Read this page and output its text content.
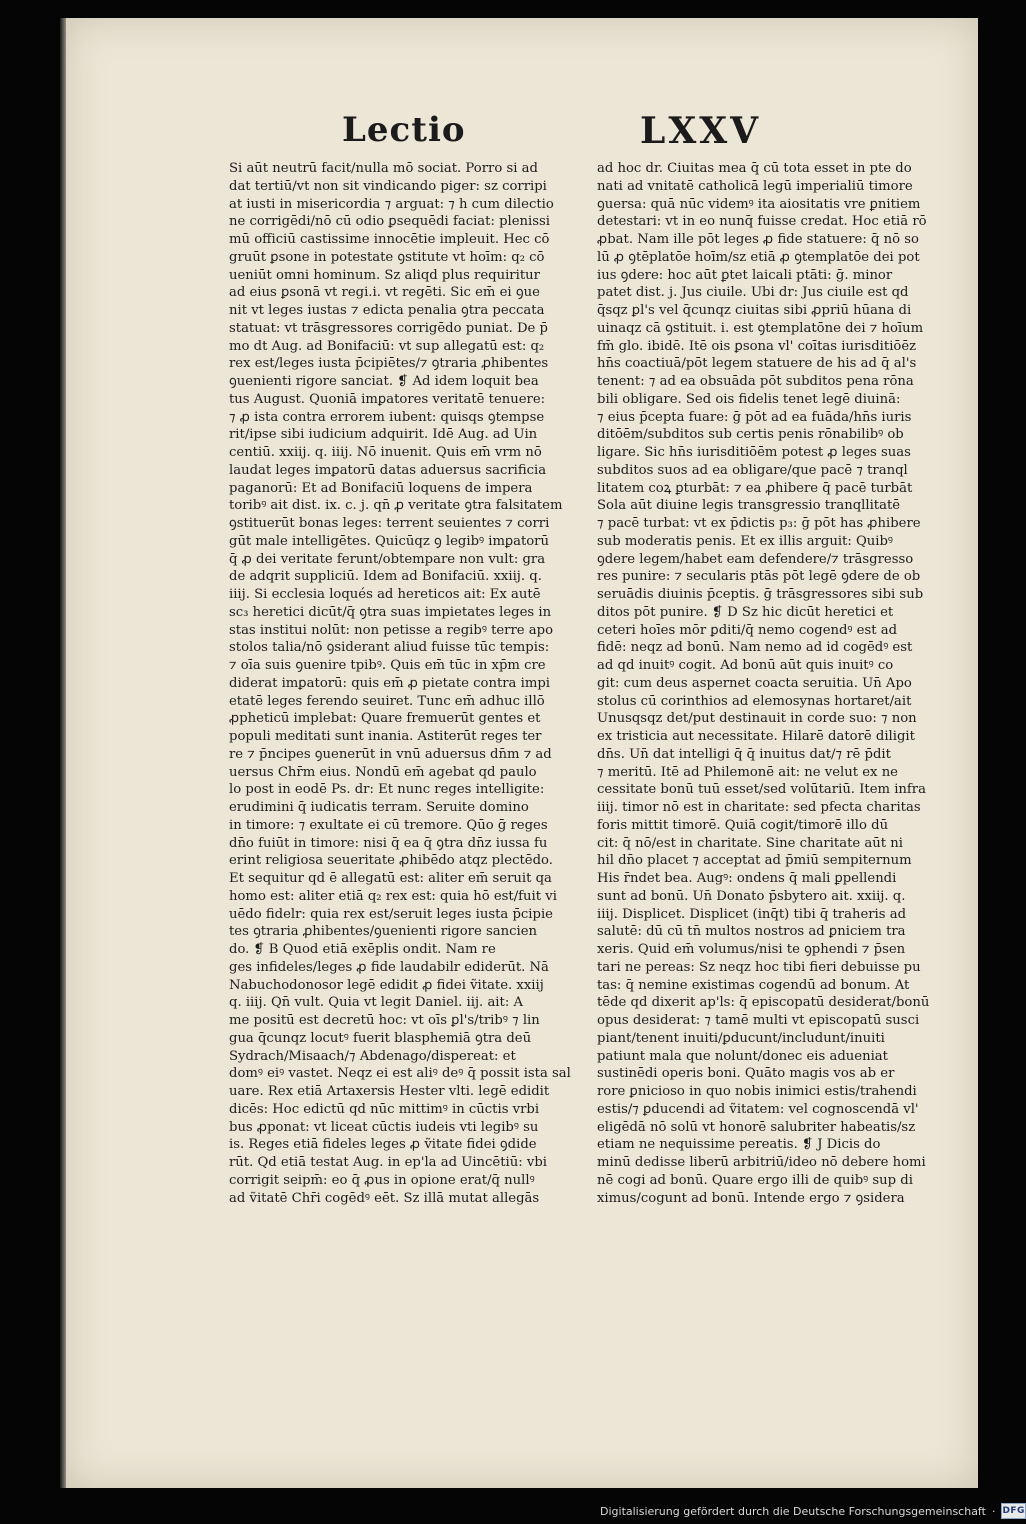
Lectio	LXXV
Si aūt neutrū facit/nulla mō sociat. Porro si ad
dat tertiū/vt non sit vindicando piger: sz corripi
at iusti in misericordia ⁊ arguat: ⁊ h cum dilectio
ne corrigēdi/nō cū odio ꝑsequēdi faciat: plenissi
mū officiū castissime innocētie impleuit. Hec cō
gruūt ꝑsone in potestate ꝯstitute vt hoīm: q₂ cō
ueniūt omni hominum. Sz aliqd plus requiritur
ad eius ꝑsonā vt regi.i. vt regēti. Sic em̄ ei ꝯue
nit vt leges iustas ⁊ edicta penalia ꝯtra peccata
statuat: vt trāsgressores corrigēdo puniat. De p̄
mo dt Aug. ad Bonifaciū: vt sup allegatū est: q₂
rex est/leges iusta p̄cipiētes/⁊ ꝯtraria ꝓhibentes
ꝯuenienti rigore sanciat. ❡ Ad idem loquit bea
tus August. Quoniā imꝑatores veritatē tenuere:
⁊ ꝓ ista contra errorem iubent: quisqs ꝯtempse
rit/ipse sibi iudicium adquirit. Idē Aug. ad Uin
centiū. xxiij. q. iiij. Nō inuenit. Quis em̄ vrm nō
laudat leges imꝑatorū datas aduersus sacrificia
paganorū: Et ad Bonifaciū loquens de impera
toribꝰ ait dist. ix. c. j. qn̄ ꝓ veritate ꝯtra falsitatem
ꝯstituerūt bonas leges: terrent seuientes ⁊ corri
gūt male intelligētes. Quicūqz ꝯ legibꝰ imꝑatorū
q̄ ꝓ dei veritate ferunt/obtempare non vult: gra
de adqrit suppliciū. Idem ad Bonifaciū. xxiij. q.
iiij. Si ecclesia loqués ad hereticos ait: Ex autē
sc₃ heretici dicūt/q̄ ꝯtra suas impietates leges in
stas institui nolūt: non petisse a regibꝰ terre apo
stolos talia/nō ꝯsiderant aliud fuisse tūc tempis:
⁊ oīa suis ꝯuenire tpibꝰ. Quis em̄ tūc in xp̄m cre
diderat imꝑatorū: quis em̄ ꝓ pietate contra impi
etatē leges ferendo seuiret. Tunc em̄ adhuc illō
ꝓpheticū implebat: Quare fremuerūt gentes et
populi meditati sunt inania. Astiterūt reges ter
re ⁊ p̄ncipes ꝯuenerūt in vnū aduersus dn̄m ⁊ ad
uersus Chr̄m eius. Nondū em̄ agebat qd paulo
lo post in eodē Ps. dr: Et nunc reges intelligite:
erudimini q̄ iudicatis terram. Seruite domino
in timore: ⁊ exultate ei cū tremore. Qūo ḡ reges
dn̄o fuiūt in timore: nisi q̄ ea q̄ ꝯtra dn̄z iussa fu
erint religiosa seueritate ꝓhibēdo atqz plectēdo.
Et sequitur qd ē allegatū est: aliter em̄ seruit qa
homo est: aliter etiā q₂ rex est: quia hō est/fuit vi
uēdo fidelr: quia rex est/seruit leges iusta p̄cipie
tes ꝯtraria ꝓhibentes/ꝯuenienti rigore sancien
do. ❡ B Quod etiā exēplis ondit. Nam re
ges infideles/leges ꝓ fide laudabilr ediderūt. Nā
Nabuchodonosor legē edidit ꝓ fidei ṽitate. xxiij
q. iiij. Qn̄ vult. Quia vt legit Daniel. iij. ait: A
me positū est decretū hoc: vt oīs ꝑl's/tribꝰ ⁊ lin
gua q̄cunqz locutꝰ fuerit blasphemiā ꝯtra deū
Sydrach/Misaach/⁊ Abdenago/dispereat: et
domꝰ eiꝰ vastet. Neqz ei est aliꝰ deꝰ q̄ possit ista sal
uare. Rex etiā Artaxersis Hester vlti. legē edidit
dicēs: Hoc edictū qd nūc mittimꝰ in cūctis vrbi
bus ꝓponat: vt liceat cūctis iudeis vti legibꝰ su
is. Reges etiā fideles leges ꝓ ṽitate fidei ꝯdide
rūt. Qd etiā testat Aug. in ep'la ad Uincētiū: vbi
corrigit seipm̄: eo q̄ ꝓus in opione erat/q̄ nullꝰ
ad ṽitatē Chr̄i cogēdꝰ eēt. Sz illā mutat allegās
ad hoc dr. Ciuitas mea q̄ cū tota esset in pte do
nati ad vnitatē catholicā legū imperialiū timore
ꝯuersa: quā nūc videmꝰ ita aiositatis vre ꝑnitiem
detestari: vt in eo nunq̄ fuisse credat. Hoc etiā rō
ꝓbat. Nam ille pōt leges ꝓ fide statuere: q̄ nō so
lū ꝓ ꝯtēplatōe hoīm/sz etiā ꝓ ꝯtemplatōe dei pot
ius ꝯdere: hoc aūt ꝑtet laicali ptāti: ḡ. minor
patet dist. j. Jus ciuile. Ubi dr: Jus ciuile est qd
q̄sqz ꝑl's vel q̄cunqz ciuitas sibi ꝓpriū hūana di
uinaqz cā ꝯstituit. i. est ꝯtemplatōne dei ⁊ hoīum
fm̄ glo. ibidē. Itē ois ꝑsona vl' coītas iurisditiōēz
hn̄s coactiuā/pōt legem statuere de his ad q̄ al's
tenent: ⁊ ad ea obsuāda pōt subditos pena rōna
bili obligare. Sed ois fidelis tenet legē diuinā:
⁊ eius p̄cepta fuare: ḡ pōt ad ea fuāda/hn̄s iuris
ditōēm/subditos sub certis penis rōnabilibꝰ ob
ligare. Sic hn̄s iurisditiōēm potest ꝓ leges suas
subditos suos ad ea obligare/que pacē ⁊ tranql
litatem coꝝ ꝑturbāt: ⁊ ea ꝓhibere q̄ pacē turbāt
Sola aūt diuine legis transgressio tranqllitatē
⁊ pacē turbat: vt ex p̄dictis p₃: ḡ pōt has ꝓhibere
sub moderatis penis. Et ex illis arguit: Quibꝰ
ꝯdere legem/habet eam defendere/⁊ trāsgresso
res punire: ⁊ secularis ptās pōt legē ꝯdere de ob
seruādis diuinis p̄ceptis. ḡ trāsgressores sibi sub
ditos pōt punire. ❡ D Sz hic dicūt heretici et
ceteri hoīes mōr ꝑditi/q̄ nemo cogendꝰ est ad
fidē: neqz ad bonū. Nam nemo ad id cogēdꝰ est
ad qd inuitꝰ cogit. Ad bonū aūt quis inuitꝰ co
git: cum deus aspernet coacta seruitia. Un̄ Apo
stolus cū corinthios ad elemosynas hortaret/ait
Unusqsqz det/put destinauit in corde suo: ⁊ non
ex tristicia aut necessitate. Hilarē datorē diligit
dn̄s. Un̄ dat intelligi q̄ q̄ inuitus dat/⁊ rē p̄dit
⁊ meritū. Itē ad Philemonē ait: ne velut ex ne
cessitate bonū tuū esset/sed volūtariū. Item infra
iiij. timor nō est in charitate: sed pfecta charitas
foris mittit timorē. Quiā cogit/timorē illo dū
cit: q̄ nō/est in charitate. Sine charitate aūt ni
hil dn̄o placet ⁊ acceptat ad p̄miū sempiternum
His r̄ndet bea. Augꝰ: ondens q̄ mali ꝑpellendi
sunt ad bonū. Un̄ Donato p̄sbytero ait. xxiij. q.
iiij. Displicet. Displicet (inq̄t) tibi q̄ traheris ad
salutē: dū cū tn̄ multos nostros ad ꝑniciem tra
xeris. Quid em̄ volumus/nisi te ꝯphendi ⁊ p̄sen
tari ne pereas: Sz neqz hoc tibi fieri debuisse pu
tas: q̄ nemine existimas cogendū ad bonum. At
tēde qd dixerit ap'ls: q̄ episcopatū desiderat/bonū
opus desiderat: ⁊ tamē multi vt episcopatū susci
piant/tenent inuiti/ꝑducunt/includunt/inuiti
patiunt mala que nolunt/donec eis adueniat
sustinēdi operis boni. Quāto magis vos ab er
rore ꝑnicioso in quo nobis inimici estis/trahendi
estis/⁊ ꝑducendi ad ṽitatem: vel cognoscendā vl'
eligēdā nō solū vt honorē salubriter habeatis/sz
etiam ne nequissime pereatis. ❡ J Dicis do
minū dedisse liberū arbitriū/ideo nō debere homi
nē cogi ad bonū. Quare ergo illi de quibꝰ sup di
ximus/cogunt ad bonū. Intende ergo ⁊ ꝯsidera
Digitalisierung gefördert durch die Deutsche Forschungsgemeinschaft · DFG
